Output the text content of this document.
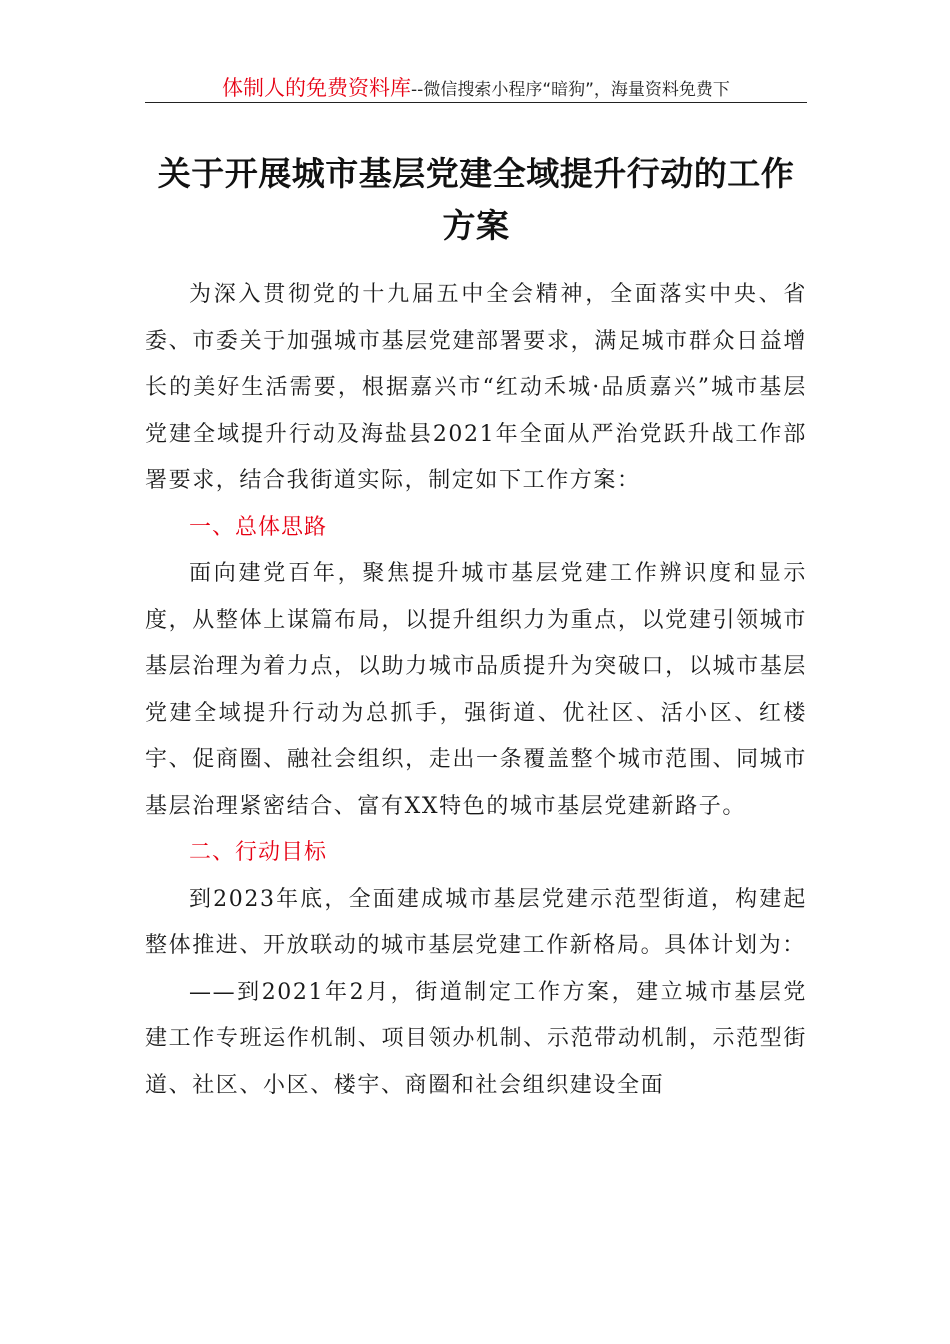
体制人的免费资料库--微信搜索小程序“暗狗”，海量资料免费下
关于开展城市基层党建全域提升行动的工作方案

为深入贯彻党的十九届五中全会精神，全面落实中央、省委、市委关于加强城市基层党建部署要求，满足城市群众日益增长的美好生活需要，根据嘉兴市“红动禾城·品质嘉兴”城市基层党建全域提升行动及海盐县2021年全面从严治党跃升战工作部署要求，结合我街道实际，制定如下工作方案：

一、总体思路

面向建党百年，聚焦提升城市基层党建工作辨识度和显示度，从整体上谋篇布局，以提升组织力为重点，以党建引领城市基层治理为着力点，以助力城市品质提升为突破口，以城市基层党建全域提升行动为总抓手，强街道、优社区、活小区、红楼宇、促商圈、融社会组织，走出一条覆盖整个城市范围、同城市基层治理紧密结合、富有XX特色的城市基层党建新路子。

二、行动目标

到2023年底，全面建成城市基层党建示范型街道，构建起整体推进、开放联动的城市基层党建工作新格局。具体计划为：

——到2021年2月，街道制定工作方案，建立城市基层党建工作专班运作机制、项目领办机制、示范带动机制，示范型街道、社区、小区、楼宇、商圈和社会组织建设全面
